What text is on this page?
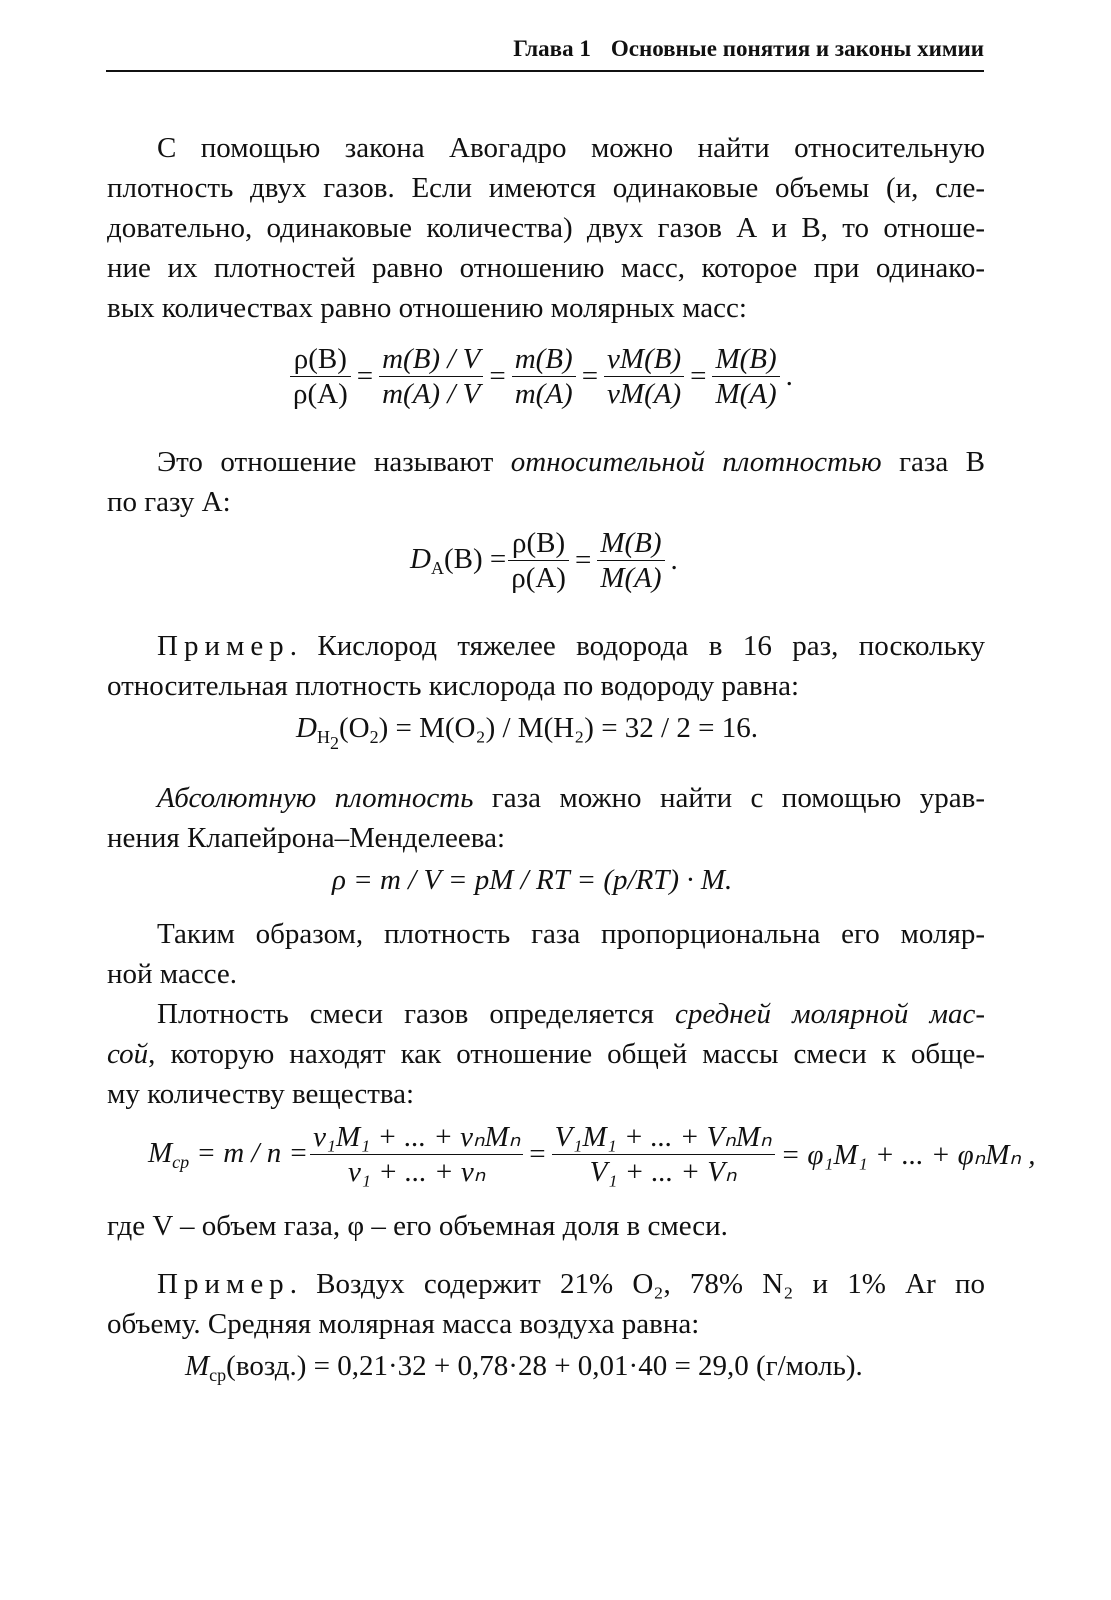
Глава 1 Основные понятия и законы химии
С помощью закона Авогадро можно найти относительную
плотность двух газов. Если имеются одинаковые объемы (и, сле-
довательно, одинаковые количества) двух газов А и В, то отноше-
ние их плотностей равно отношению масс, которое при одинако-
вых количествах равно отношению молярных масс:
$\frac{\rho(B)}{\rho(A)} = \frac{m(B) / V}{m(A) / V} = \frac{m(B)}{m(A)} = \frac{\nu M(B)}{\nu M(A)} = \frac{M(B)}{M(A)}$ .
Это отношение называют относительной плотностью газа В
по газу А:
$D_A(B) = \frac{\rho(B)}{\rho(A)} = \frac{M(B)}{M(A)}$ .
Пример. Кислород тяжелее водорода в 16 раз, поскольку
относительная плотность кислорода по водороду равна:
$D_{H_2}(O_2) = M(O_2) / M(H_2) = 32 / 2 = 16$.
Абсолютную плотность газа можно найти с помощью урав-
нения Клапейрона–Менделеева:
ρ = m / V = pM / RT = (p/RT) · M.
Таким образом, плотность газа пропорциональна его моляр-
ной массе.
Плотность смеси газов определяется средней молярной мас-
сой, которую находят как отношение общей массы смеси к обще-
му количеству вещества:
$M_{ср} = m / n = \frac{\text{ν₁M₁ + ... + νₙMₙ}}{\text{ν₁ + ... + νₙ}} = \frac{\text{V₁M₁ + ... + VₙMₙ}}{\text{V₁ + ... + Vₙ}} = \varphi_1M_1$ + ... + φₙMₙ ,
где V – объем газа, φ – его объемная доля в смеси.
Пример. Воздух содержит 21% O₂, 78% N₂ и 1% Ar по
объему. Средняя молярная масса воздуха равна:
$M_{ср}(возд.) = 0,21\cdot 32 + 0,78\cdot 28 + 0,01\cdot 40 = 29,0$ (г/моль).
